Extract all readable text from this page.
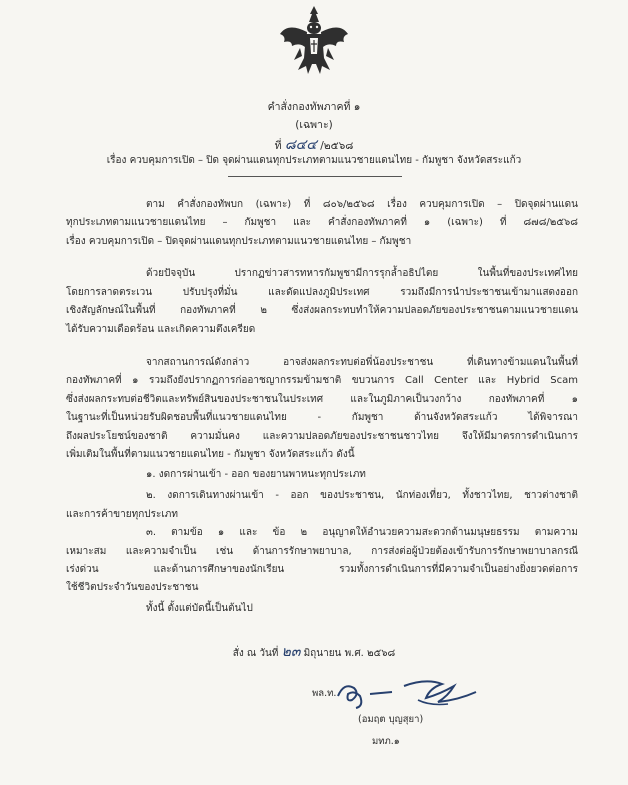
คำสั่งกองทัพภาคที่ ๑
(เฉพาะ)
ที่ ๘๔๔ /๒๕๖๘
เรื่อง ควบคุมการเปิด – ปิด จุดผ่านแดนทุกประเภทตามแนวชายแดนไทย - กัมพูชา จังหวัดสระแก้ว
ตาม คำสั่งกองทัพบก (เฉพาะ) ที่ ๘๐๖/๒๕๖๘ เรื่อง ควบคุมการเปิด – ปิดจุดผ่านแดน
ทุกประเภทตามแนวชายแดนไทย – กัมพูชา และ คำสั่งกองทัพภาคที่ ๑ (เฉพาะ) ที่ ๘๗๘/๒๕๖๘
เรื่อง ควบคุมการเปิด – ปิดจุดผ่านแดนทุกประเภทตามแนวชายแดนไทย – กัมพูชา
ด้วยปัจจุบัน ปรากฏข่าวสารทหารกัมพูชามีการรุกล้ำอธิปไตย ในพื้นที่ของประเทศไทย
โดยการลาดตระเวน ปรับปรุงที่มั่น และดัดแปลงภูมิประเทศ รวมถึงมีการนำประชาชนเข้ามาแสดงออก
เชิงสัญลักษณ์ในพื้นที่ กองทัพภาคที่ ๒ ซึ่งส่งผลกระทบทำให้ความปลอดภัยของประชาชนตามแนวชายแดน
ได้รับความเดือดร้อน และเกิดความตึงเครียด
จากสถานการณ์ดังกล่าว อาจส่งผลกระทบต่อพี่น้องประชาชน ที่เดินทางข้ามแดนในพื้นที่
กองทัพภาคที่ ๑ รวมถึงยังปรากฏการก่ออาชญากรรมข้ามชาติ ขบวนการ Call Center และ Hybrid Scam
ซึ่งส่งผลกระทบต่อชีวิตและทรัพย์สินของประชาชนในประเทศ และในภูมิภาคเป็นวงกว้าง กองทัพภาคที่ ๑
ในฐานะที่เป็นหน่วยรับผิดชอบพื้นที่แนวชายแดนไทย - กัมพูชา ด้านจังหวัดสระแก้ว ได้พิจารณา
ถึงผลประโยชน์ของชาติ ความมั่นคง และความปลอดภัยของประชาชนชาวไทย จึงให้มีมาตรการดำเนินการ
เพิ่มเติมในพื้นที่ตามแนวชายแดนไทย - กัมพูชา จังหวัดสระแก้ว ดังนี้
๑. งดการผ่านเข้า - ออก ของยานพาหนะทุกประเภท
๒. งดการเดินทางผ่านเข้า - ออก ของประชาชน, นักท่องเที่ยว, ทั้งชาวไทย, ชาวต่างชาติ
และการค้าขายทุกประเภท
๓. ตามข้อ ๑ และ ข้อ ๒ อนุญาตให้อำนวยความสะดวกด้านมนุษยธรรม ตามความ
เหมาะสม และความจำเป็น เช่น ด้านการรักษาพยาบาล, การส่งต่อผู้ป่วยต้องเข้ารับการรักษาพยาบาลกรณี
เร่งด่วน และด้านการศึกษาของนักเรียน รวมทั้งการดำเนินการที่มีความจำเป็นอย่างยิ่งยวดต่อการ
ใช้ชีวิตประจำวันของประชาชน
ทั้งนี้ ตั้งแต่บัดนี้เป็นต้นไป
สั่ง ณ วันที่ ๒๓ มิถุนายน พ.ศ. ๒๕๖๘
พล.ท.
(อมฤต บุญสุยา)
มทภ.๑
